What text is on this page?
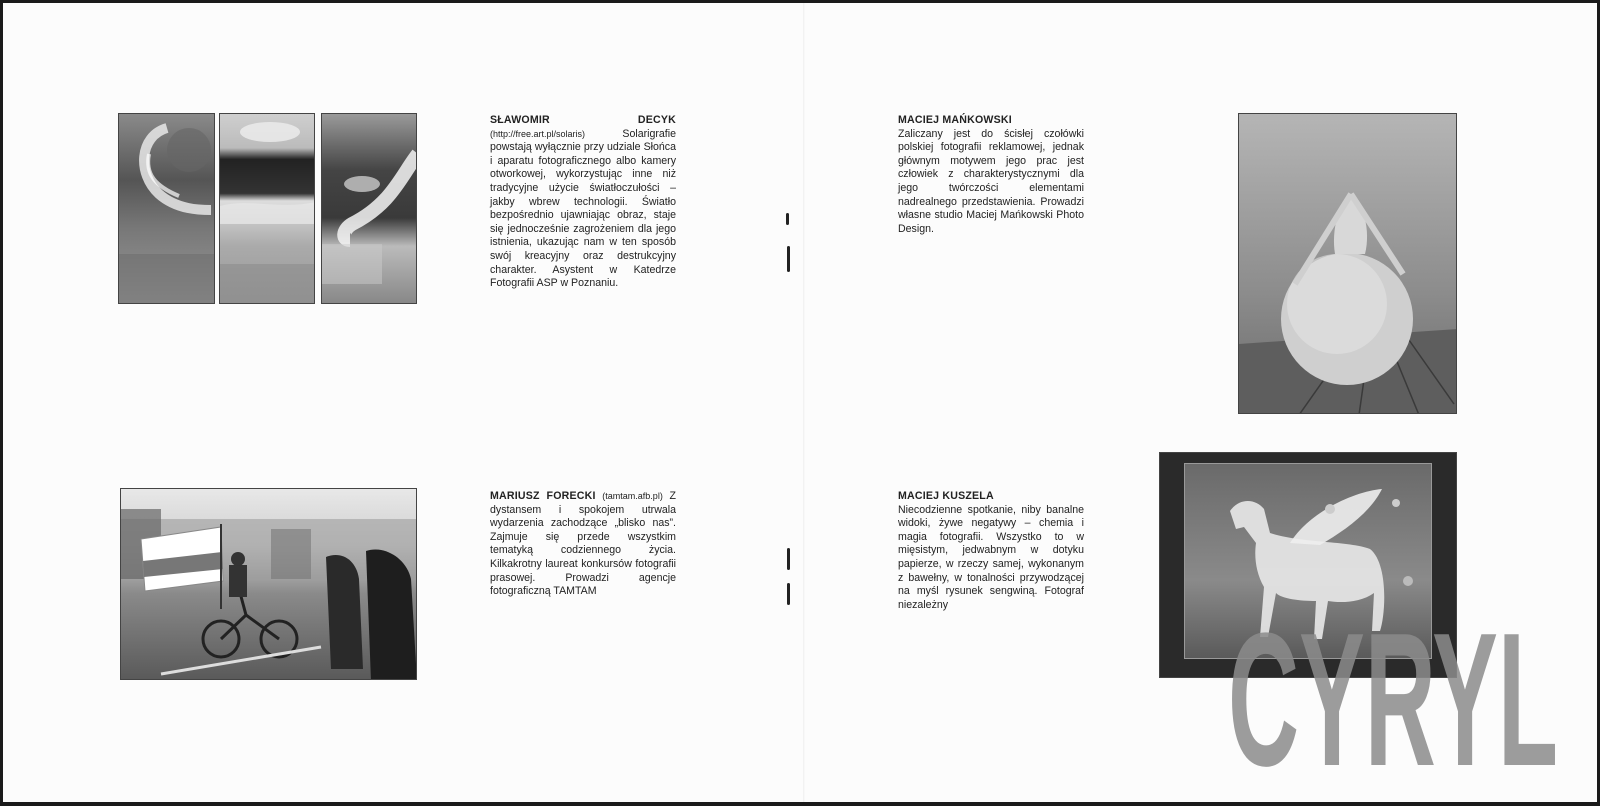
SŁAWOMIR DECYK (http://free.art.pl/solaris)	Solarigrafie powstają wyłącznie przy udziale Słońca i aparatu fotograficznego albo kamery otworkowej, wykorzystując inne niż tradycyjne użycie światłoczułości – jakby wbrew technologii. Światło bezpośrednio ujawniając obraz, staje się jednocześnie zagrożeniem dla jego istnienia, ukazując nam w ten sposób swój kreacyjny oraz destrukcyjny charakter. Asystent w Katedrze Fotografii ASP w Poznaniu.

MARIUSZ FORECKI (tamtam.afb.pl) Z dystansem i spokojem utrwala wydarzenia zachodzące „blisko nas”. Zajmuje się przede wszystkim tematyką codziennego życia. Kilkakrotny laureat konkursów fotografii prasowej. Prowadzi agencje fotograficzną TAMTAM

MACIEJ MAŃKOWSKI

Zaliczany jest do ścisłej czołówki polskiej fotografii reklamowej, jednak głównym motywem jego prac jest człowiek z charakterystycznymi dla jego twórczości elementami nadrealnego przedstawienia. Prowadzi własne studio Maciej Mańkowski Photo Design.

MACIEJ KUSZELA

Niecodzienne spotkanie, niby banalne widoki, żywe negatywy – chemia i magia fotografii. Wszystko to w mięsistym, jedwabnym w dotyku papierze, w rzeczy samej, wykonanym z bawełny, w tonalności przywodzącej na myśl rysunek sengwiną. Fotograf niezależny	CYRYL
